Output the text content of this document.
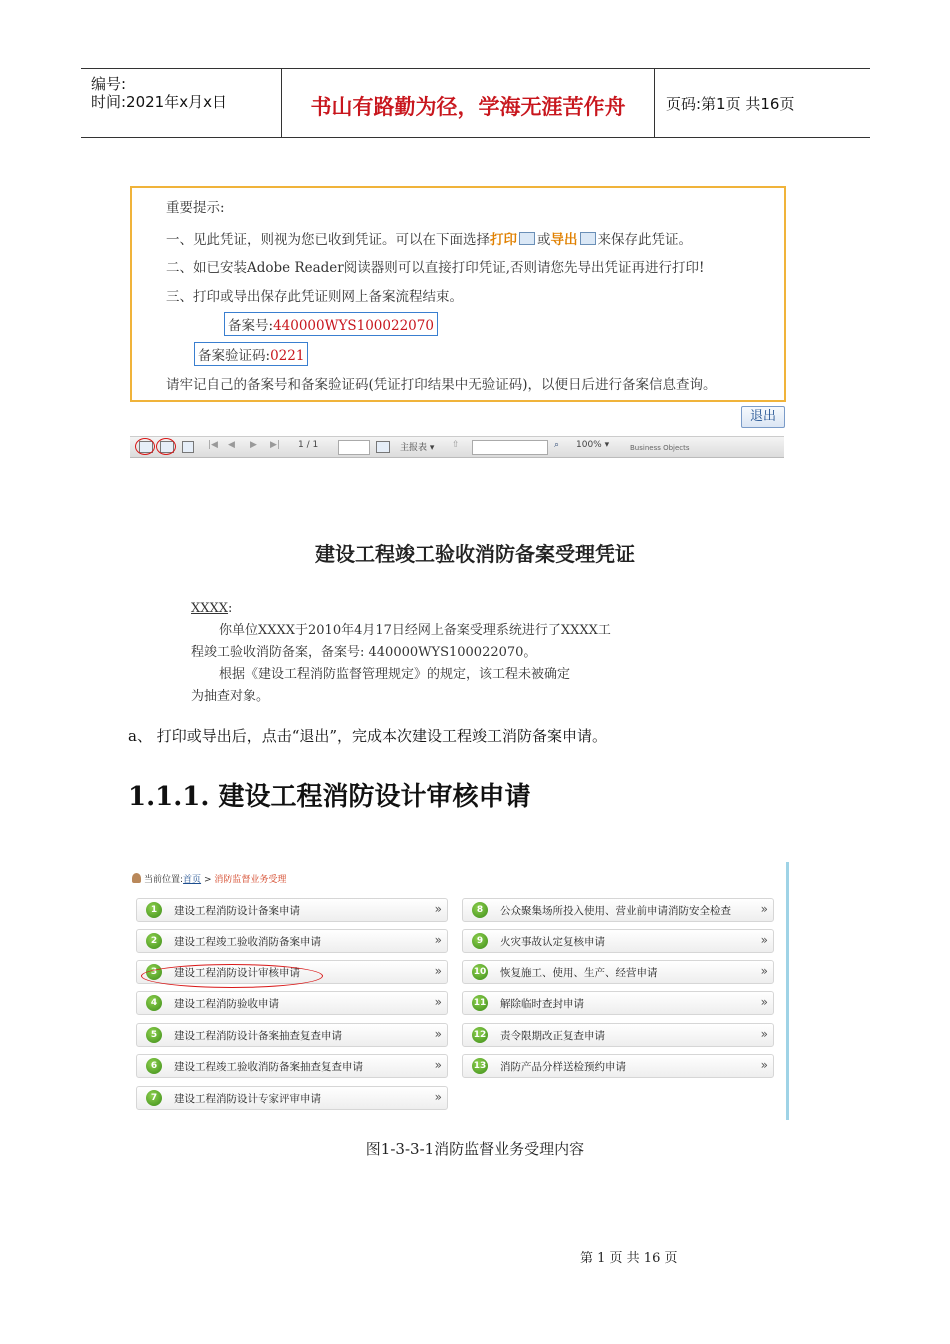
编号:
时间:2021年x月x日	书山有路勤为径，学海无涯苦作舟	页码:第1页 共16页
重要提示:
一、见此凭证，则视为您已收到凭证。可以在下面选择打印 或导出 来保存此凭证。
二、如已安装Adobe Reader阅读器则可以直接打印凭证,否则请您先导出凭证再进行打印!
三、打印或导出保存此凭证则网上备案流程结束。
备案号:440000WYS100022070
备案验证码:0221
请牢记自己的备案号和备案验证码(凭证打印结果中无验证码)，以便日后进行备案信息查询。
退出
|◀ ◀ ▶ ▶| 1 / 1	主报表 ▾ ⇧	⌕ 100% ▾	Business Objects
建设工程竣工验收消防备案受理凭证
XXXX:
你单位XXXX于2010年4月17日经网上备案受理系统进行了XXXX工
程竣工验收消防备案，备案号: 440000WYS100022070。
根据《建设工程消防监督管理规定》的规定，该工程未被确定
为抽查对象。
a、 打印或导出后，点击“退出”，完成本次建设工程竣工消防备案申请。
1.1.1. 建设工程消防设计审核申请
当前位置:首页 > 消防监督业务受理
1	建设工程消防设计备案申请	»
2	建设工程竣工验收消防备案申请	»
3	建设工程消防设计审核申请	»
4	建设工程消防验收申请	»
5	建设工程消防设计备案抽查复查申请	»
6	建设工程竣工验收消防备案抽查复查申请	»
7	建设工程消防设计专家评审申请	»
8	公众聚集场所投入使用、营业前申请消防安全检查 »
9	火灾事故认定复核申请	»
10 恢复施工、使用、生产、经营申请	»
11 解除临时查封申请	»
12 责令限期改正复查申请	»
13 消防产品分样送检预约申请	»
图1-3-3-1消防监督业务受理内容
第 1 页 共 16 页
